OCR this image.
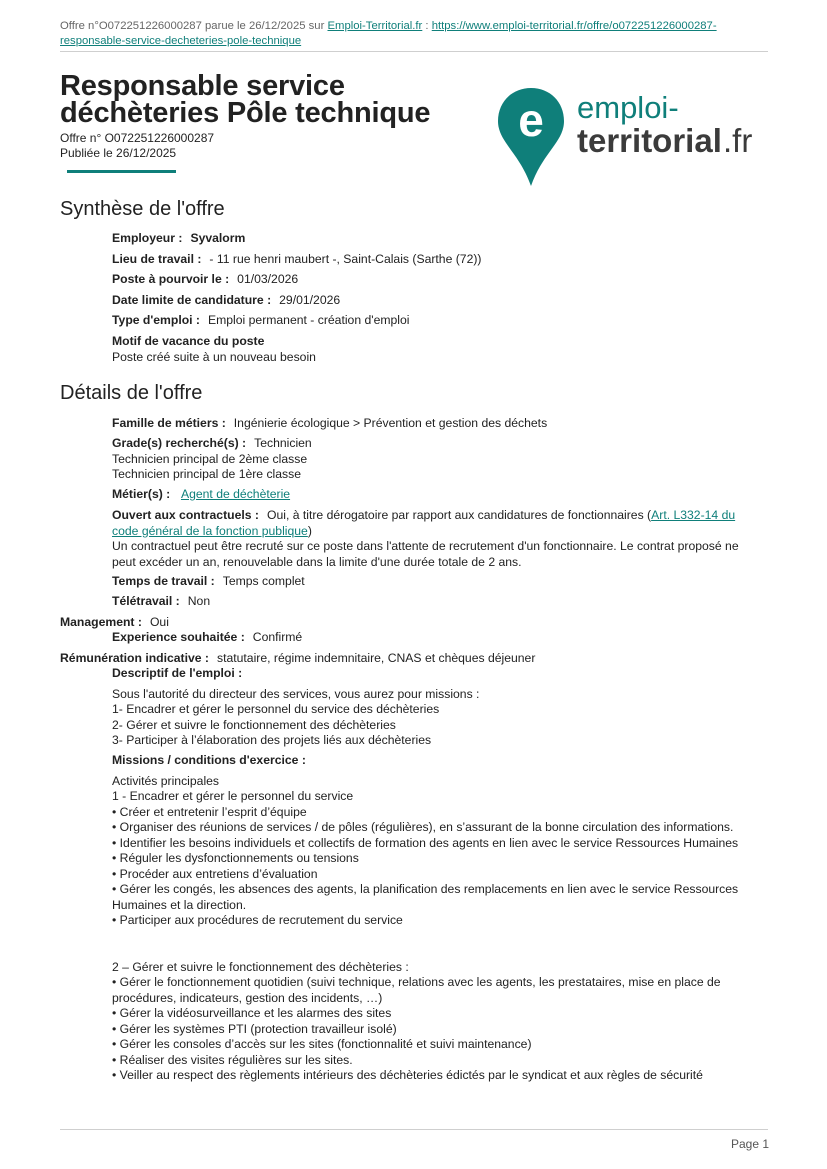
Offre n°O072251226000287 parue le 26/12/2025 sur Emploi-Territorial.fr : https://www.emploi-territorial.fr/offre/o072251226000287-responsable-service-decheteries-pole-technique
Responsable service déchèteries Pôle technique
Offre n° O072251226000287
Publiée le 26/12/2025
e emploi-
territorial .fr
Synthèse de l'offre
Employeur : Syvalorm
Lieu de travail : - 11 rue henri maubert -, Saint-Calais (Sarthe (72))
Poste à pourvoir le : 01/03/2026
Date limite de candidature : 29/01/2026
Type d'emploi : Emploi permanent - création d'emploi
Motif de vacance du poste
Poste créé suite à un nouveau besoin
Détails de l'offre
Famille de métiers : Ingénierie écologique > Prévention et gestion des déchets
Grade(s) recherché(s) : Technicien
Technicien principal de 2ème classe
Technicien principal de 1ère classe
Métier(s) : Agent de déchèterie
Ouvert aux contractuels : Oui, à titre dérogatoire par rapport aux candidatures de fonctionnaires (Art. L332-14 du code général de la fonction publique)
Un contractuel peut être recruté sur ce poste dans l'attente de recrutement d'un fonctionnaire. Le contrat proposé ne peut excéder un an, renouvelable dans la limite d'une durée totale de 2 ans.
Temps de travail : Temps complet
Télétravail : Non
Management : Oui
Experience souhaitée : Confirmé
Rémunération indicative : statutaire, régime indemnitaire, CNAS et chèques déjeuner
Descriptif de l'emploi :
Sous l'autorité du directeur des services, vous aurez pour missions :
1- Encadrer et gérer le personnel du service des déchèteries
2- Gérer et suivre le fonctionnement des déchèteries
3- Participer à l’élaboration des projets liés aux déchèteries
Missions / conditions d'exercice :
Activités principales
1 - Encadrer et gérer le personnel du service
• Créer et entretenir l’esprit d’équipe
• Organiser des réunions de services / de pôles (régulières), en s’assurant de la bonne circulation des informations.
• Identifier les besoins individuels et collectifs de formation des agents en lien avec le service Ressources Humaines
• Réguler les dysfonctionnements ou tensions
• Procéder aux entretiens d’évaluation
• Gérer les congés, les absences des agents, la planification des remplacements en lien avec le service Ressources Humaines et la direction.
• Participer aux procédures de recrutement du service
2 – Gérer et suivre le fonctionnement des déchèteries :
• Gérer le fonctionnement quotidien (suivi technique, relations avec les agents, les prestataires, mise en place de procédures, indicateurs, gestion des incidents, …)
• Gérer la vidéosurveillance et les alarmes des sites
• Gérer les systèmes PTI (protection travailleur isolé)
• Gérer les consoles d’accès sur les sites (fonctionnalité et suivi maintenance)
• Réaliser des visites régulières sur les sites.
• Veiller au respect des règlements intérieurs des déchèteries édictés par le syndicat et aux règles de sécurité
Page 1
